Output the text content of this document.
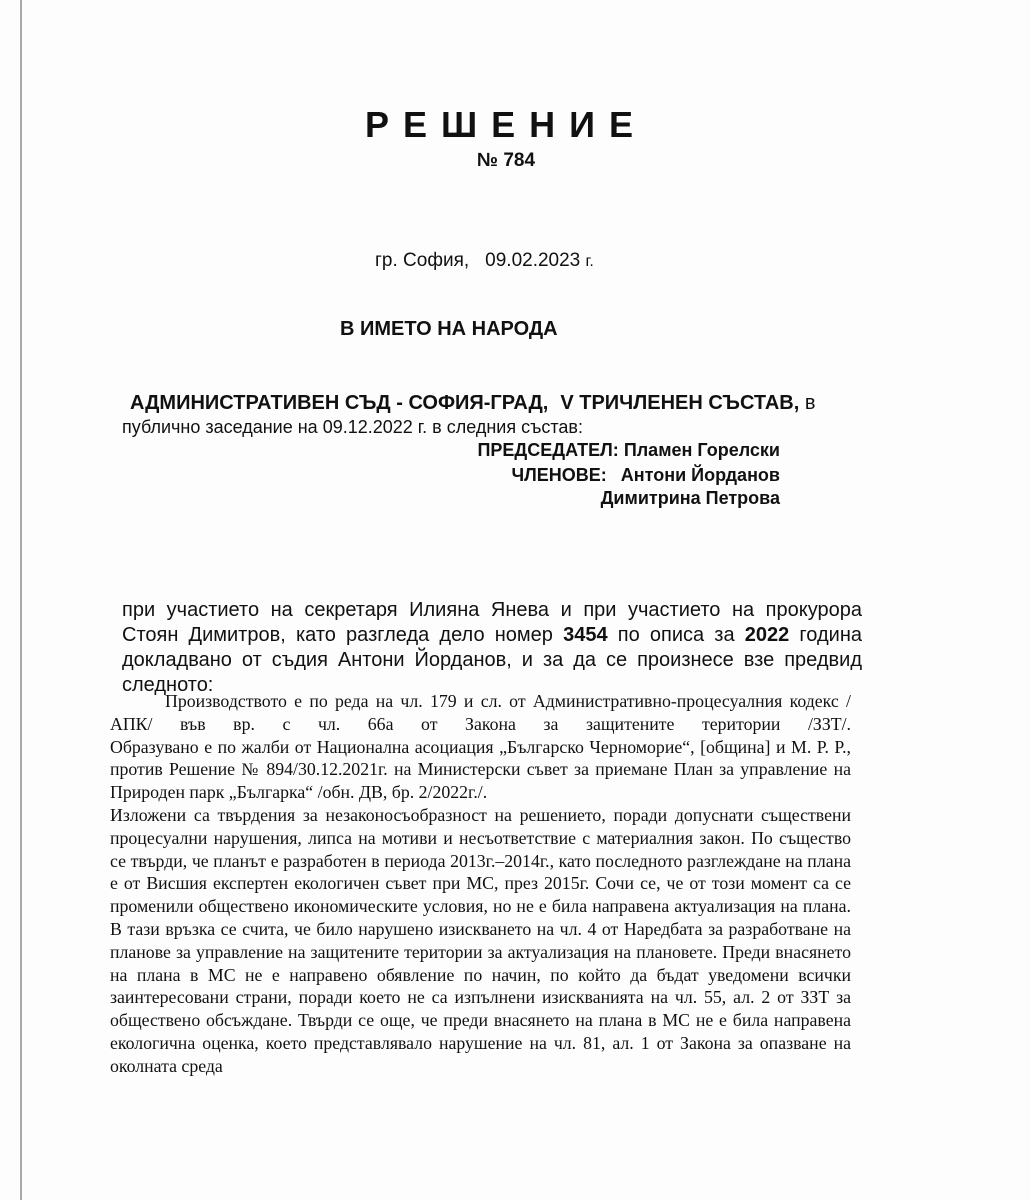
РЕШЕНИЕ
№ 784
гр. София, 09.02.2023 г.
В ИМЕТО НА НАРОДА
АДМИНИСТРАТИВЕН СЪД - СОФИЯ-ГРАД, V ТРИЧЛЕНЕН СЪСТАВ, в
публично заседание на 09.12.2022 г. в следния състав:
ПРЕДСЕДАТЕЛ: Пламен Горелски
ЧЛЕНОВЕ: Антони Йорданов
Димитрина Петрова
при участието на секретаря Илияна Янева и при участието на прокурора Стоян Димитров, като разгледа дело номер 3454 по описа за 2022 година докладвано от съдия Антони Йорданов, и за да се произнесе взе предвид следното:

Производството е по реда на чл. 179 и сл. от Административно-процесуалния кодекс /АПК/ във вр. с чл. 66а от Закона за защитените територии /ЗЗТ/.

Образувано е по жалби от Национална асоциация „Българско Черноморие“, [община] и М. Р. Р., против Решение № 894/30.12.2021г. на Министерски съвет за приемане План за управление на Природен парк „Българка“ /обн. ДВ, бр. 2/2022г./.

Изложени са твърдения за незаконосъобразност на решението, поради допуснати съществени процесуални нарушения, липса на мотиви и несъответствие с материалния закон. По същество се твърди, че планът е разработен в периода 2013г.–2014г., като последното разглеждане на плана е от Висшия експертен екологичен съвет при МС, през 2015г. Сочи се, че от този момент са се променили обществено икономическите условия, но не е била направена актуализация на плана. В тази връзка се счита, че било нарушено изискването на чл. 4 от Наредбата за разработване на планове за управление на защитените територии за актуализация на плановете. Преди внасянето на плана в МС не е направено обявление по начин, по който да бъдат уведомени всички заинтересовани страни, поради което не са изпълнени изискванията на чл. 55, ал. 2 от ЗЗТ за обществено обсъждане. Твърди се още, че преди внасянето на плана в МС не е била направена екологична оценка, което представлявало нарушение на чл. 81, ал. 1 от Закона за опазване на околната среда
